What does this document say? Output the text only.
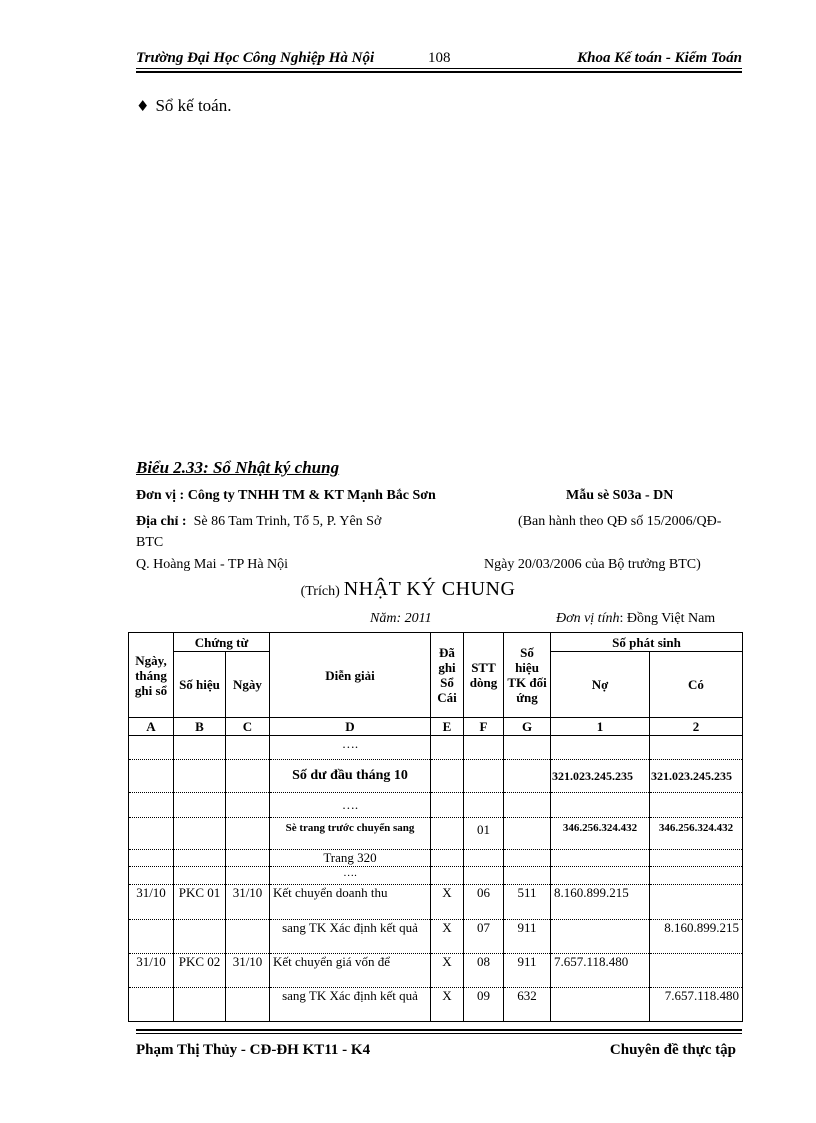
Trường Đại Học Công Nghiệp Hà Nội	108	Khoa Kế toán - Kiểm Toán
♦ Sổ kế toán.
Biểu 2.33: Sổ Nhật ký chung
Đơn vị : Công ty TNHH TM & KT Mạnh Bắc Sơn	Mẫu sè S03a - DN
Địa chỉ : Sè 86 Tam Trinh, Tổ 5, P. Yên Sở	(Ban hành theo QĐ số 15/2006/QĐ-
BTC
Q. Hoàng Mai - TP Hà Nội	Ngày 20/03/2006 của Bộ trưởng BTC)
(Trích) NHẬT KÝ CHUNG
Năm: 2011	Đơn vị tính: Đồng Việt Nam
Ngày, tháng ghi sổ	Chứng từ		Diễn giải	Đã ghi Sổ Cái	STT dòng	Số hiệu TK đối ứng	Số phát sinh	
	Số hiệu	Ngày					Nợ	Có
A	B	C	D	E	F	G	1	2
			….					
			Số dư đầu tháng 10				321.023.245.235	321.023.245.235
			….					
			Sè trang trước chuyển sang		01		346.256.324.432	346.256.324.432
			Trang 320					
			….					
31/10	PKC 01	31/10	Kết chuyển doanh thu	X	06	511	8.160.899.215	
			sang TK Xác định kết quả	X	07	911		8.160.899.215
31/10	PKC 02	31/10	Kết chuyển giá vốn để	X	08	911	7.657.118.480	
			sang TK Xác định kết quả	X	09	632		7.657.118.480
Phạm Thị Thủy - CĐ-ĐH KT11 - K4	Chuyên đề thực tập
